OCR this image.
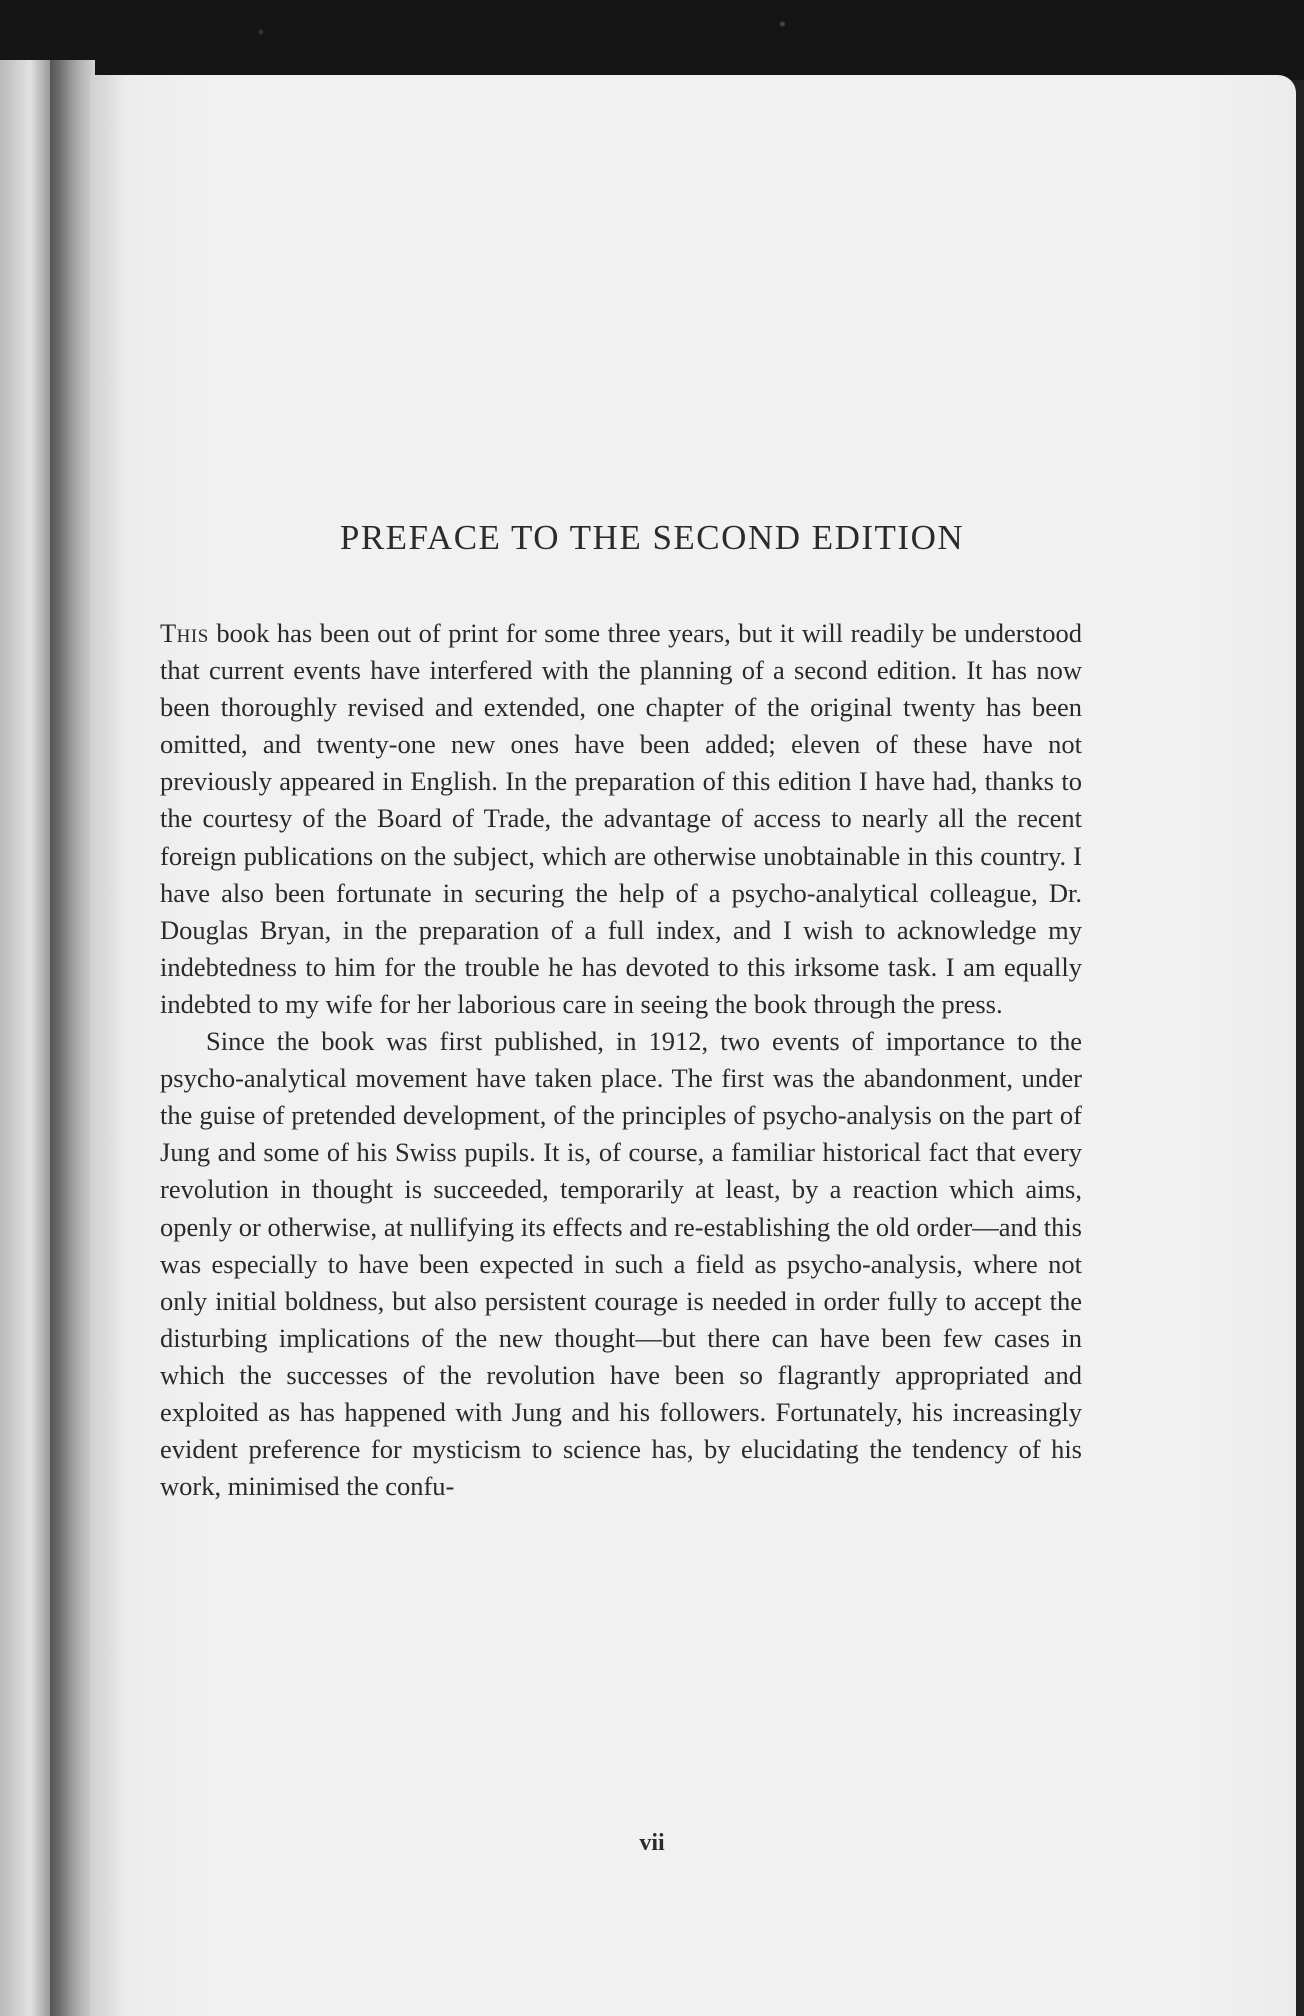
PREFACE TO THE SECOND EDITION

This book has been out of print for some three years, but it will readily be understood that current events have interfered with the planning of a second edition. It has now been thoroughly revised and extended, one chapter of the original twenty has been omitted, and twenty-one new ones have been added; eleven of these have not previously appeared in English. In the preparation of this edition I have had, thanks to the courtesy of the Board of Trade, the advantage of access to nearly all the recent foreign publications on the subject, which are otherwise unobtainable in this country. I have also been fortunate in securing the help of a psycho-analytical colleague, Dr. Douglas Bryan, in the preparation of a full index, and I wish to acknowledge my indebtedness to him for the trouble he has devoted to this irksome task. I am equally indebted to my wife for her laborious care in seeing the book through the press.

Since the book was first published, in 1912, two events of importance to the psycho-analytical movement have taken place. The first was the abandonment, under the guise of pretended development, of the principles of psycho-analysis on the part of Jung and some of his Swiss pupils. It is, of course, a familiar historical fact that every revolution in thought is succeeded, temporarily at least, by a reaction which aims, openly or otherwise, at nullifying its effects and re-establishing the old order—and this was especially to have been expected in such a field as psycho-analysis, where not only initial boldness, but also persistent courage is needed in order fully to accept the disturbing implications of the new thought—but there can have been few cases in which the successes of the revolution have been so flagrantly appropriated and exploited as has happened with Jung and his followers. Fortunately, his increasingly evident preference for mysticism to science has, by elucidating the tendency of his work, minimised the confu-

vii
